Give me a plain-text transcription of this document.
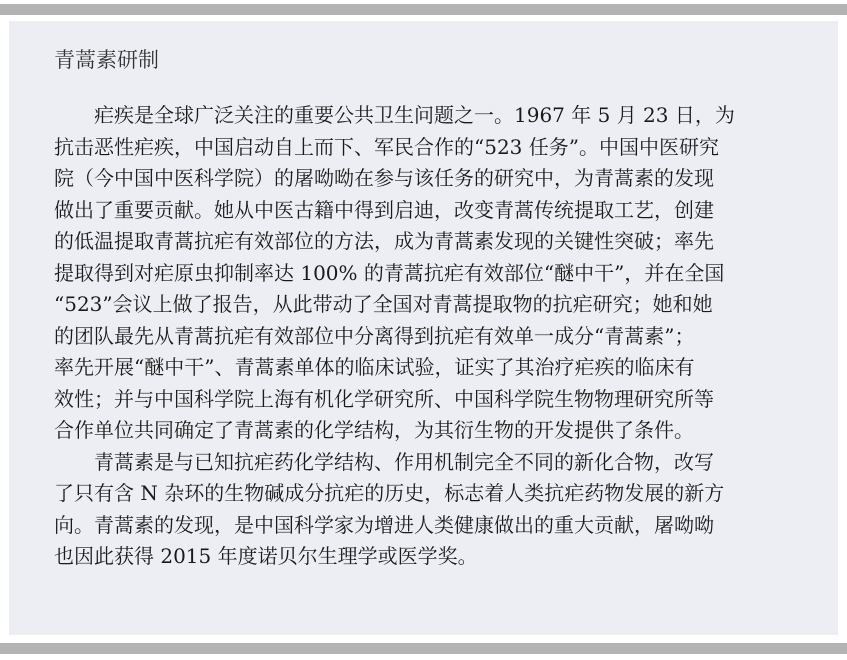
青蒿素研制
　　疟疾是全球广泛关注的重要公共卫生问题之一。1967 年 5 月 23 日，为
抗击恶性疟疾，中国启动自上而下、军民合作的“523 任务”。中国中医研究
院（今中国中医科学院）的屠呦呦在参与该任务的研究中，为青蒿素的发现
做出了重要贡献。她从中医古籍中得到启迪，改变青蒿传统提取工艺，创建
的低温提取青蒿抗疟有效部位的方法，成为青蒿素发现的关键性突破；率先
提取得到对疟原虫抑制率达 100% 的青蒿抗疟有效部位“醚中干”，并在全国
“523”会议上做了报告，从此带动了全国对青蒿提取物的抗疟研究；她和她
的团队最先从青蒿抗疟有效部位中分离得到抗疟有效单一成分“青蒿素”；
率先开展“醚中干”、青蒿素单体的临床试验，证实了其治疗疟疾的临床有
效性；并与中国科学院上海有机化学研究所、中国科学院生物物理研究所等
合作单位共同确定了青蒿素的化学结构，为其衍生物的开发提供了条件。
　　青蒿素是与已知抗疟药化学结构、作用机制完全不同的新化合物，改写
了只有含 N 杂环的生物碱成分抗疟的历史，标志着人类抗疟药物发展的新方
向。青蒿素的发现，是中国科学家为增进人类健康做出的重大贡献，屠呦呦
也因此获得 2015 年度诺贝尔生理学或医学奖。
